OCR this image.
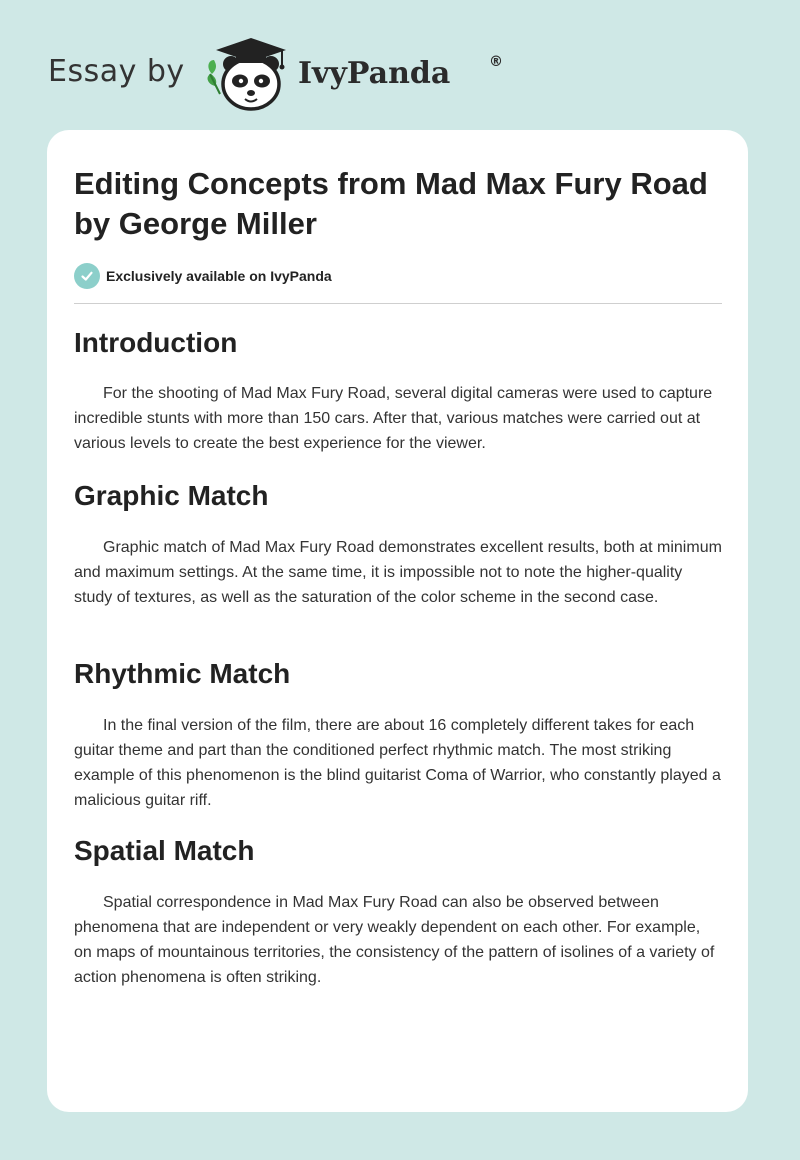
Essay by	IvyPanda	®
Editing Concepts from Mad Max Fury Road by George Miller
Exclusively available on IvyPanda
Introduction

For the shooting of Mad Max Fury Road, several digital cameras were used to capture incredible stunts with more than 150 cars. After that, various matches were carried out at various levels to create the best experience for the viewer.

Graphic Match

Graphic match of Mad Max Fury Road demonstrates excellent results, both at minimum and maximum settings. At the same time, it is impossible not to note the higher-quality study of textures, as well as the saturation of the color scheme in the second case.

Rhythmic Match

In the final version of the film, there are about 16 completely different takes for each guitar theme and part than the conditioned perfect rhythmic match. The most striking example of this phenomenon is the blind guitarist Coma of Warrior, who constantly played a malicious guitar riff.

Spatial Match

Spatial correspondence in Mad Max Fury Road can also be observed between phenomena that are independent or very weakly dependent on each other. For example, on maps of mountainous territories, the consistency of the pattern of isolines of a variety of action phenomena is often striking.
